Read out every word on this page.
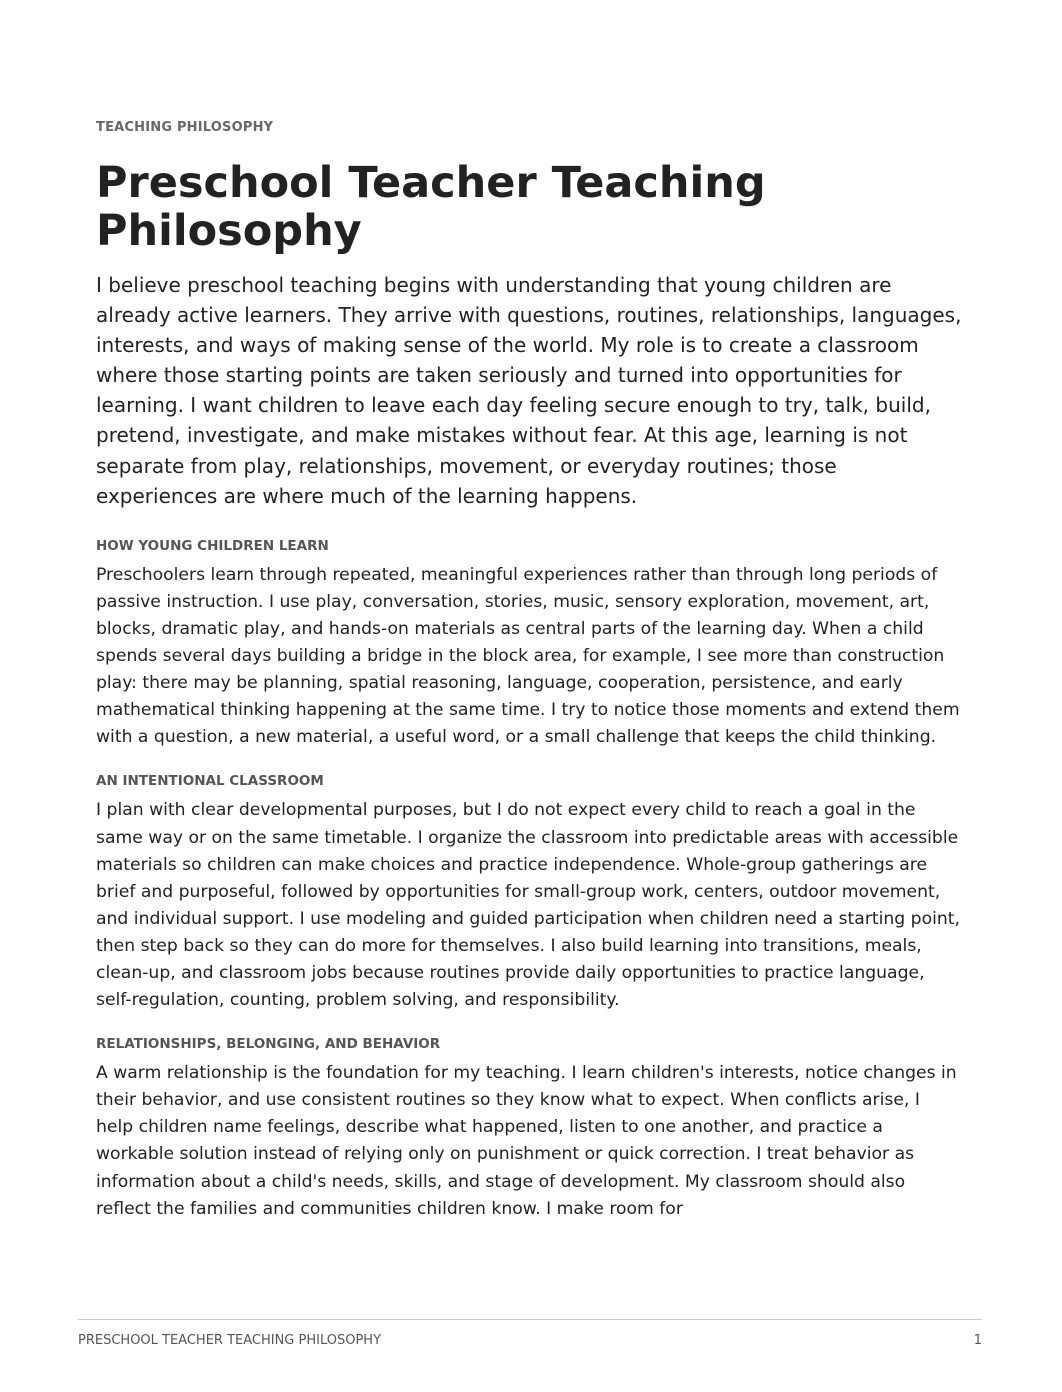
TEACHING PHILOSOPHY

Preschool Teacher Teaching Philosophy

I believe preschool teaching begins with understanding that young children are already active learners. They arrive with questions, routines, relationships, languages, interests, and ways of making sense of the world. My role is to create a classroom where those starting points are taken seriously and turned into opportunities for learning. I want children to leave each day feeling secure enough to try, talk, build, pretend, investigate, and make mistakes without fear. At this age, learning is not separate from play, relationships, movement, or everyday routines; those experiences are where much of the learning happens.

HOW YOUNG CHILDREN LEARN

Preschoolers learn through repeated, meaningful experiences rather than through long periods of passive instruction. I use play, conversation, stories, music, sensory exploration, movement, art, blocks, dramatic play, and hands-on materials as central parts of the learning day. When a child spends several days building a bridge in the block area, for example, I see more than construction play: there may be planning, spatial reasoning, language, cooperation, persistence, and early mathematical thinking happening at the same time. I try to notice those moments and extend them with a question, a new material, a useful word, or a small challenge that keeps the child thinking.

AN INTENTIONAL CLASSROOM

I plan with clear developmental purposes, but I do not expect every child to reach a goal in the same way or on the same timetable. I organize the classroom into predictable areas with accessible materials so children can make choices and practice independence. Whole-group gatherings are brief and purposeful, followed by opportunities for small-group work, centers, outdoor movement, and individual support. I use modeling and guided participation when children need a starting point, then step back so they can do more for themselves. I also build learning into transitions, meals, clean-up, and classroom jobs because routines provide daily opportunities to practice language, self-regulation, counting, problem solving, and responsibility.

RELATIONSHIPS, BELONGING, AND BEHAVIOR

A warm relationship is the foundation for my teaching. I learn children's interests, notice changes in their behavior, and use consistent routines so they know what to expect. When conflicts arise, I help children name feelings, describe what happened, listen to one another, and practice a workable solution instead of relying only on punishment or quick correction. I treat behavior as information about a child's needs, skills, and stage of development. My classroom should also reflect the families and communities children know. I make room for

PRESCHOOL TEACHER TEACHING PHILOSOPHY	1
